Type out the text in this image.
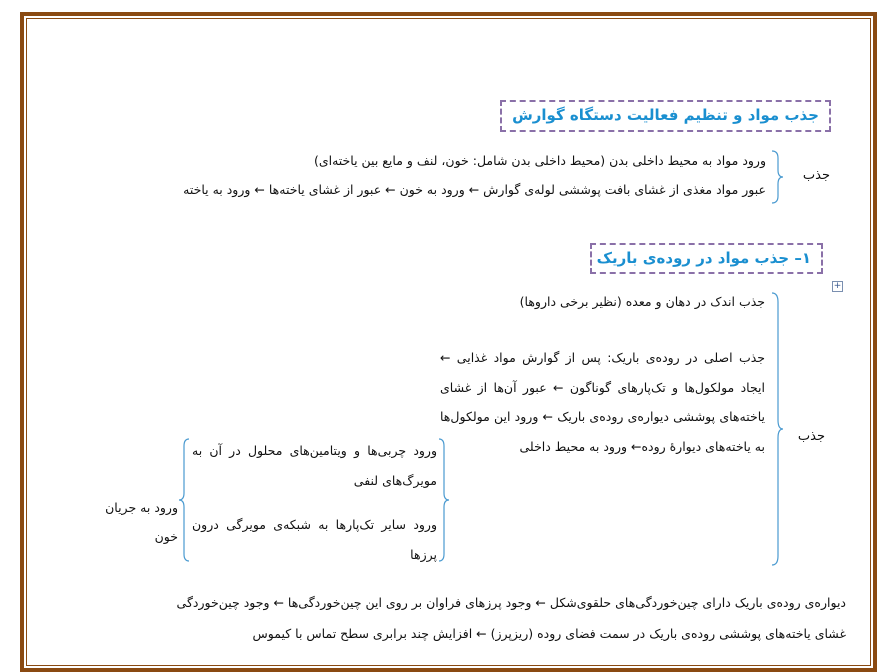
جذب مواد و تنظیم فعالیت دستگاه گوارش
جذب
ورود مواد به محیط داخلی بدن (محیط داخلی بدن شامل: خون، لنف و مایع بین یاخته‌ای)
عبور مواد مغذی از غشای بافت پوششی لوله‌ی گوارش ← ورود به خون ← عبور از غشای یاخته‌ها ← ورود به یاخته
۱– جذب مواد در روده‌ی باریک
+
جذب
جذب اندک در دهان و معده (نظیر برخی داروها)
جذب اصلی در روده‌ی باریک: پس از گوارش مواد غذایی ← ایجاد مولکول‌ها و تک‌پارهای گوناگون ← عبور آن‌ها از غشای یاخته‌های پوششی دیواره‌ی روده‌ی باریک ← ورود این مولکول‌ها به یاخته‌های دیوارۀ روده← ورود به محیط داخلی
ورود چربی‌ها و ویتامین‌های محلول در آن به مویرگ‌های لنفی
ورود سایر تک‌پارها به شبکه‌ی مویرگی درون پرزها
ورود به جریان
خون
دیواره‌ی روده‌ی باریک دارای چین‌خوردگی‌های حلقوی‌شکل ← وجود پرزهای فراوان بر روی این چین‌خوردگی‌ها ← وجود چین‌خوردگی
غشای یاخته‌های پوششی روده‌ی باریک در سمت فضای روده (ریزپرز) ← افزایش چند برابری سطح تماس با کیموس
